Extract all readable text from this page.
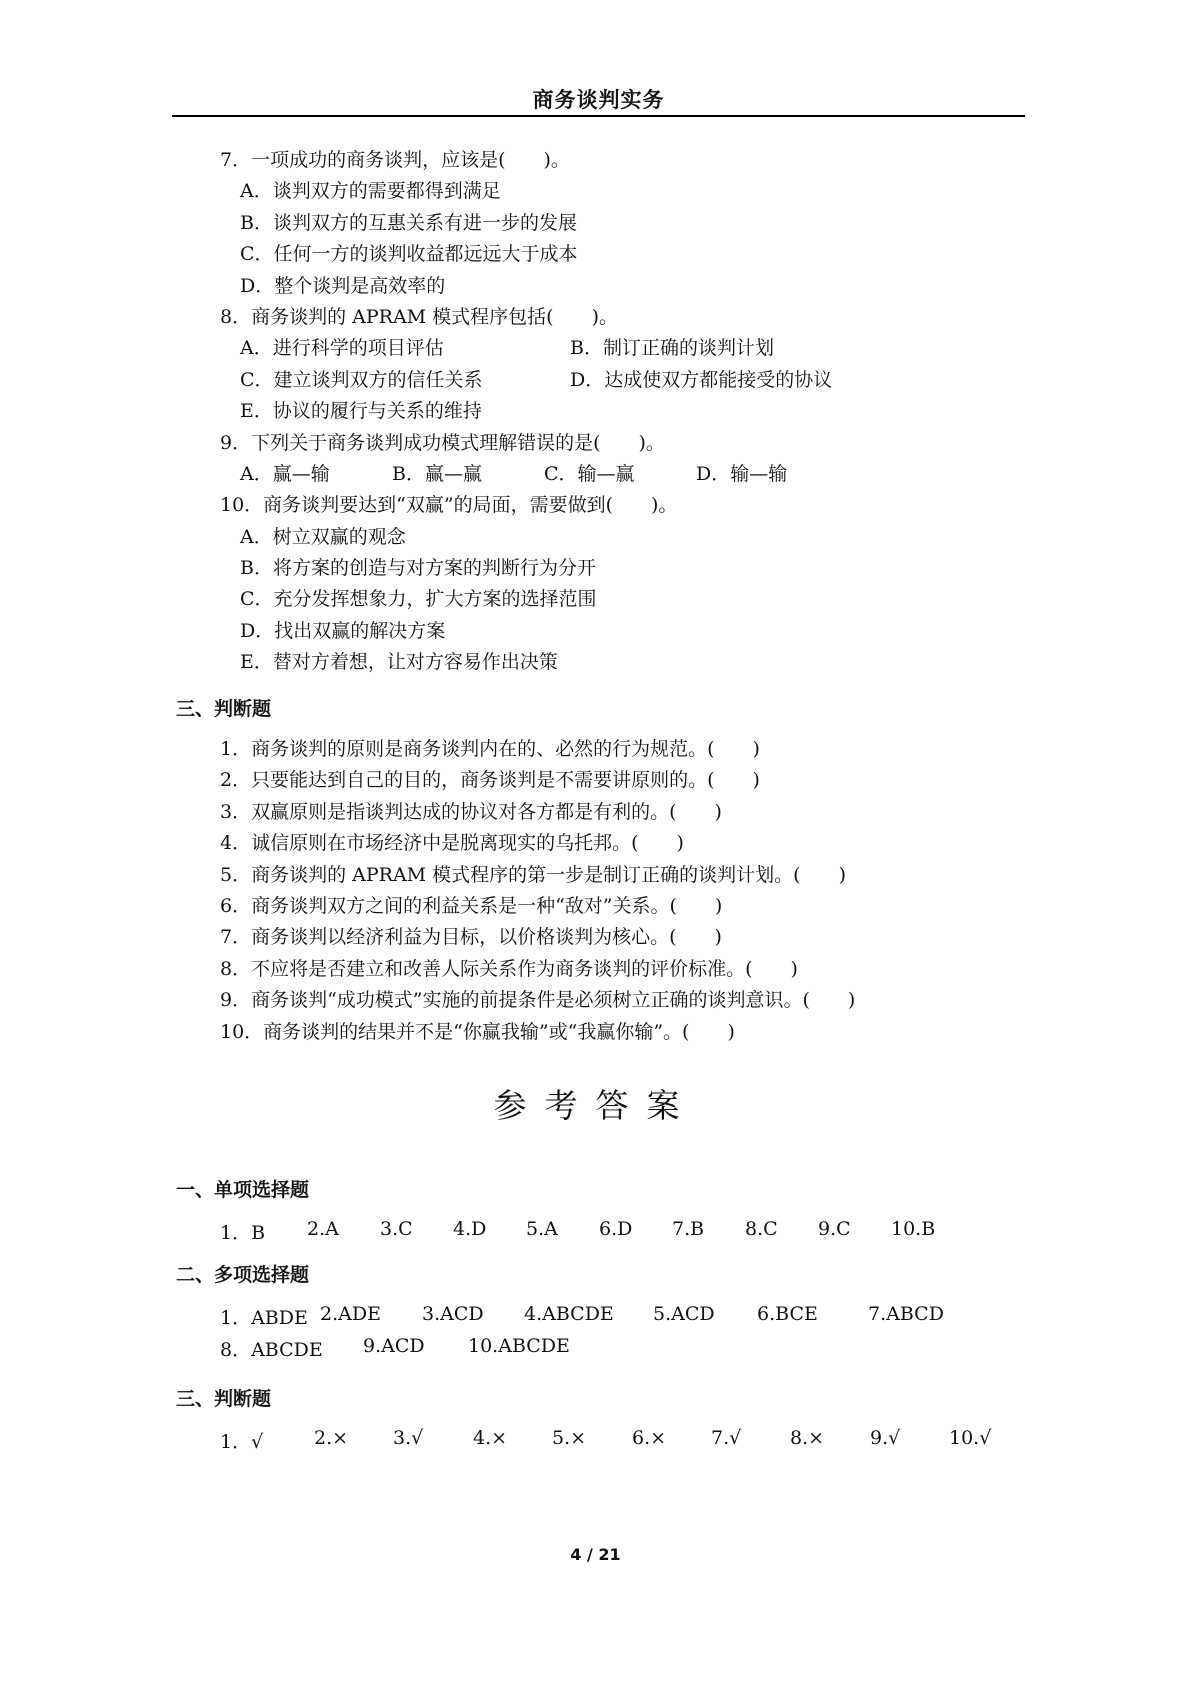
商务谈判实务
7．一项成功的商务谈判，应该是(　　)。
A．谈判双方的需要都得到满足
B．谈判双方的互惠关系有进一步的发展
C．任何一方的谈判收益都远远大于成本
D．整个谈判是高效率的
8．商务谈判的 APRAM 模式程序包括(　　)。
A．进行科学的项目评估	B．制订正确的谈判计划
C．建立谈判双方的信任关系	D．达成使双方都能接受的协议
E．协议的履行与关系的维持
9．下列关于商务谈判成功模式理解错误的是(　　)。
A．赢—输	B．赢—赢	C．输—赢	D．输—输
10．商务谈判要达到“双赢”的局面，需要做到(　　)。
A．树立双赢的观念
B．将方案的创造与对方案的判断行为分开
C．充分发挥想象力，扩大方案的选择范围
D．找出双赢的解决方案
E．替对方着想，让对方容易作出决策
三、判断题
1．商务谈判的原则是商务谈判内在的、必然的行为规范。(　　)
2．只要能达到自己的目的，商务谈判是不需要讲原则的。(　　)
3．双赢原则是指谈判达成的协议对各方都是有利的。(　　)
4．诚信原则在市场经济中是脱离现实的乌托邦。(　　)
5．商务谈判的 APRAM 模式程序的第一步是制订正确的谈判计划。(　　)
6．商务谈判双方之间的利益关系是一种“敌对”关系。(　　)
7．商务谈判以经济利益为目标，以价格谈判为核心。(　　)
8．不应将是否建立和改善人际关系作为商务谈判的评价标准。(　　)
9．商务谈判“成功模式”实施的前提条件是必须树立正确的谈判意识。(　　)
10．商务谈判的结果并不是“你赢我输”或“我赢你输”。(　　)
参考答案
一、单项选择题
1．B 2.A 3.C 4.D 5.A 6.D 7.B 8.C 9.C 10.B
二、多项选择题
1．ABDE 2.ADE 3.ACD 4.ABCDE 5.ACD 6.BCE	7.ABCD
8．ABCDE 9.ACD 10.ABCDE
三、判断题
1．√	2.× 3.√	4.× 5.× 6.× 7.√	8.× 9.√	10.√
4 / 21
